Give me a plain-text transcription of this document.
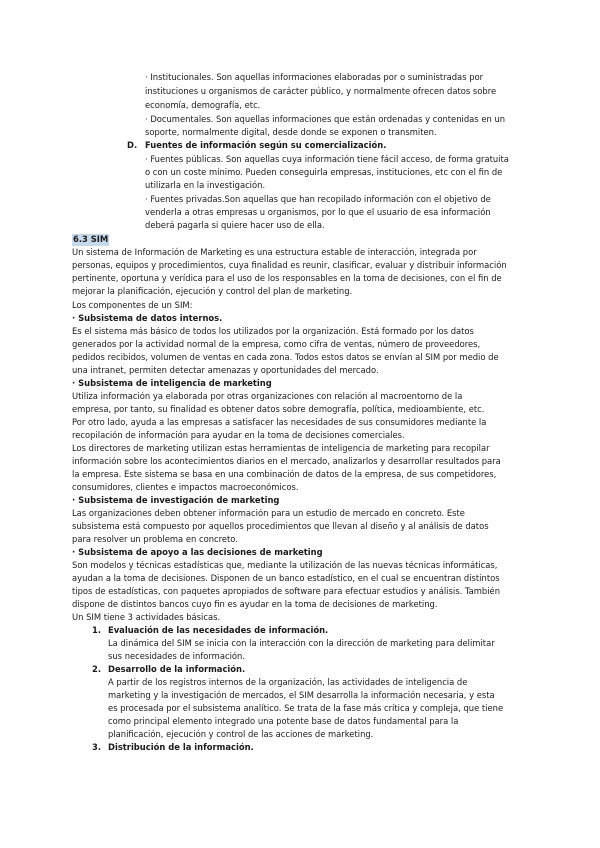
· Institucionales. Son aquellas informaciones elaboradas por o suministradas por
instituciones u organismos de carácter público, y normalmente ofrecen datos sobre
economía, demografía, etc.
· Documentales. Son aquellas informaciones que están ordenadas y contenidas en un
soporte, normalmente digital, desde donde se exponen o transmiten.
D. Fuentes de información según su comercialización.
· Fuentes públicas. Son aquellas cuya información tiene fácil acceso, de forma gratuita
o con un coste mínimo. Pueden conseguirla empresas, instituciones, etc con el fin de
utilizarla en la investigación.
· Fuentes privadas.Son aquellas que han recopilado información con el objetivo de
venderla a otras empresas u organismos, por lo que el usuario de esa información
deberá pagarla si quiere hacer uso de ella.
6.3 SIM
Un sistema de Información de Marketing es una estructura estable de interacción, integrada por
personas, equipos y procedimientos, cuya finalidad es reunir, clasificar, evaluar y distribuir información
pertinente, oportuna y verídica para el uso de los responsables en la toma de decisiones, con el fin de
mejorar la planificación, ejecución y control del plan de marketing.
Los componentes de un SIM:
· Subsistema de datos internos.
Es el sistema más básico de todos los utilizados por la organización. Está formado por los datos
generados por la actividad normal de la empresa, como cifra de ventas, número de proveedores,
pedidos recibidos, volumen de ventas en cada zona. Todos estos datos se envían al SIM por medio de
una intranet, permiten detectar amenazas y oportunidades del mercado.
· Subsistema de inteligencia de marketing
Utiliza información ya elaborada por otras organizaciones con relación al macroentorno de la
empresa, por tanto, su finalidad es obtener datos sobre demografía, política, medioambiente, etc.
Por otro lado, ayuda a las empresas a satisfacer las necesidades de sus consumidores mediante la
recopilación de información para ayudar en la toma de decisiones comerciales.
Los directores de marketing utilizan estas herramientas de inteligencia de marketing para recopilar
información sobre los acontecimientos diarios en el mercado, analizarlos y desarrollar resultados para
la empresa. Este sistema se basa en una combinación de datos de la empresa, de sus competidores,
consumidores, clientes e impactos macroeconómicos.
· Subsistema de investigación de marketing
Las organizaciones deben obtener información para un estudio de mercado en concreto. Este
subsistema está compuesto por aquellos procedimientos que llevan al diseño y al análisis de datos
para resolver un problema en concreto.
· Subsistema de apoyo a las decisiones de marketing
Son modelos y técnicas estadísticas que, mediante la utilización de las nuevas técnicas informáticas,
ayudan a la toma de decisiones. Disponen de un banco estadístico, en el cual se encuentran distintos
tipos de estadísticas, con paquetes apropiados de software para efectuar estudios y análisis. También
dispone de distintos bancos cuyo fin es ayudar en la toma de decisiones de marketing.
Un SIM tiene 3 actividades básicas.
1. Evaluación de las necesidades de información.
La dinámica del SIM se inicia con la interacción con la dirección de marketing para delimitar
sus necesidades de información.
2. Desarrollo de la información.
A partir de los registros internos de la organización, las actividades de inteligencia de
marketing y la investigación de mercados, el SIM desarrolla la información necesaria, y esta
es procesada por el subsistema analítico. Se trata de la fase más crítica y compleja, que tiene
como principal elemento integrado una potente base de datos fundamental para la
planificación, ejecución y control de las acciones de marketing.
3. Distribución de la información.
